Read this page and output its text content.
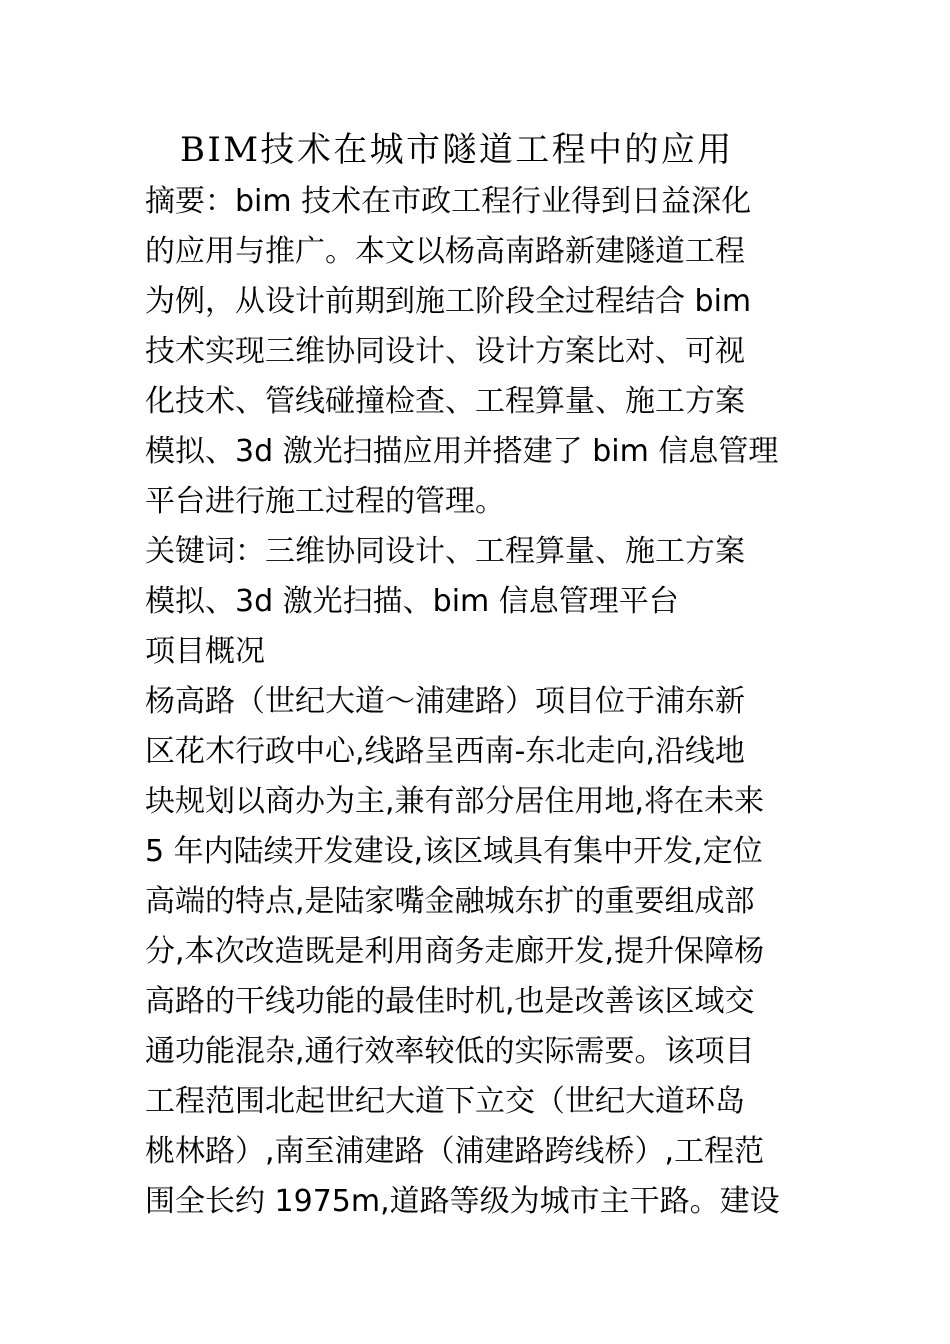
BIM技术在城市隧道工程中的应用
摘要：bim 技术在市政工程行业得到日益深化
的应用与推广。本文以杨高南路新建隧道工程
为例，从设计前期到施工阶段全过程结合 bim
技术实现三维协同设计、设计方案比对、可视
化技术、管线碰撞检查、工程算量、施工方案
模拟、3d 激光扫描应用并搭建了 bim 信息管理
平台进行施工过程的管理。
关键词：三维协同设计、工程算量、施工方案
模拟、3d 激光扫描、bim 信息管理平台
项目概况
杨高路（世纪大道～浦建路）项目位于浦东新
区花木行政中心,线路呈西南-东北走向,沿线地
块规划以商办为主,兼有部分居住用地,将在未来
5 年内陆续开发建设,该区域具有集中开发,定位
高端的特点,是陆家嘴金融城东扩的重要组成部
分,本次改造既是利用商务走廊开发,提升保障杨
高路的干线功能的最佳时机,也是改善该区域交
通功能混杂,通行效率较低的实际需要。该项目
工程范围北起世纪大道下立交（世纪大道环岛
桃林路）,南至浦建路（浦建路跨线桥）,工程范
围全长约 1975m,道路等级为城市主干路。建设
